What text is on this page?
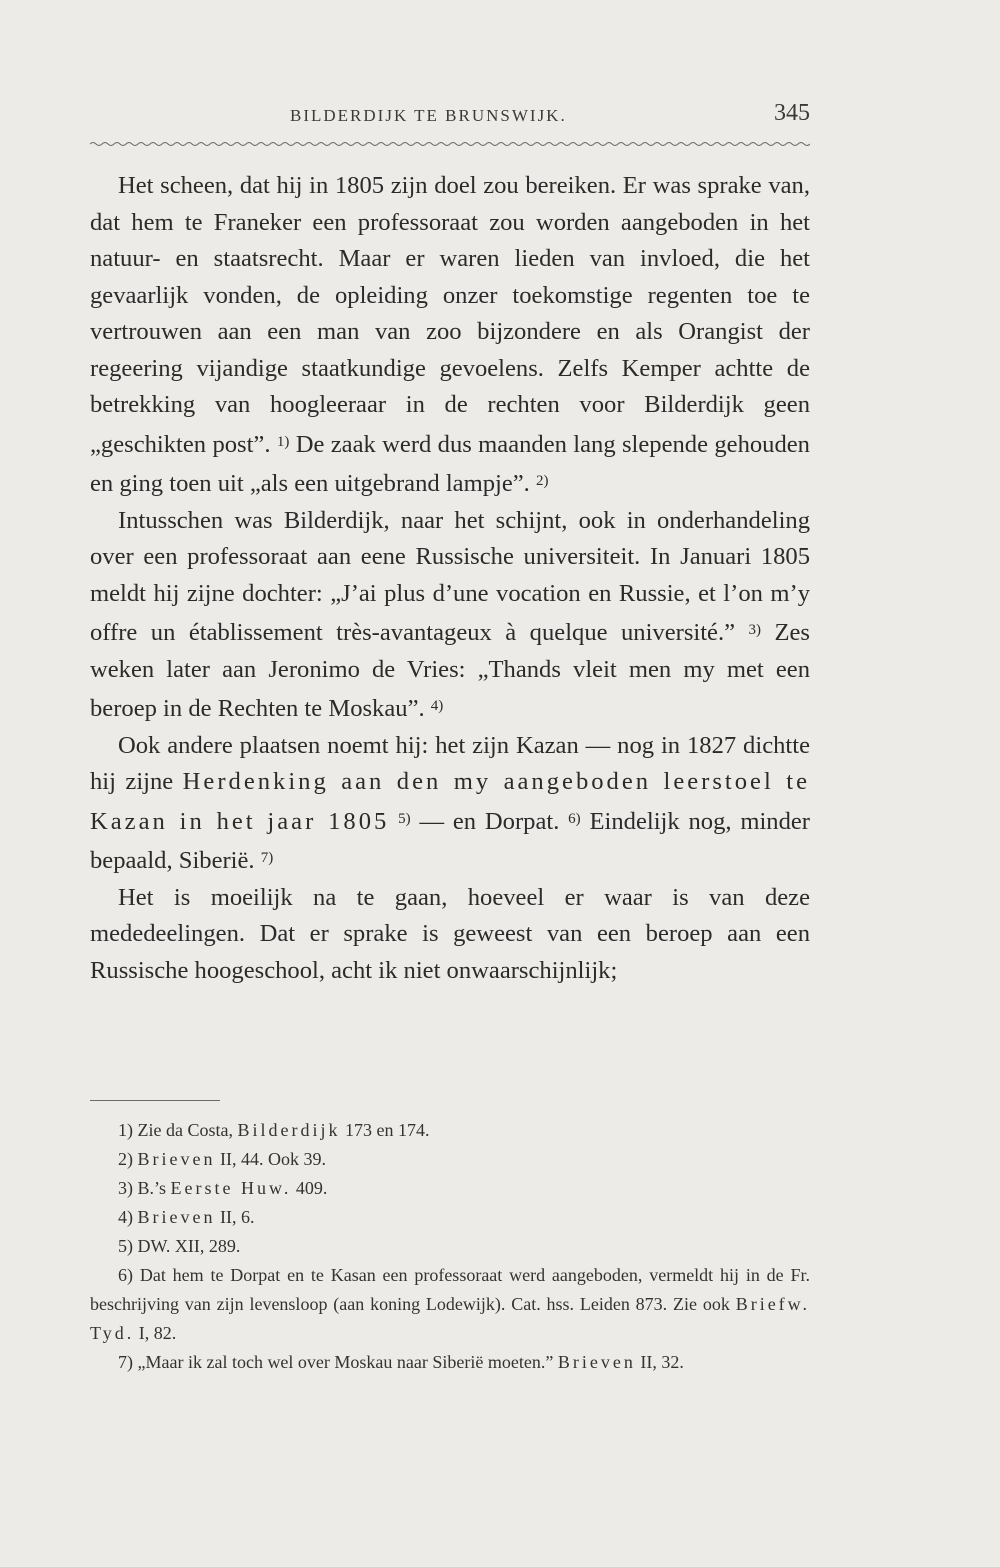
BILDERDIJK TE BRUNSWIJK.	345

Het scheen, dat hij in 1805 zijn doel zou bereiken. Er was sprake van, dat hem te Franeker een professoraat zou worden aangeboden in het natuur- en staatsrecht. Maar er waren lieden van invloed, die het gevaarlijk vonden, de opleiding onzer toekomstige regenten toe te vertrouwen aan een man van zoo bijzondere en als Orangist der regeering vijandige staatkundige gevoelens. Zelfs Kemper achtte de betrekking van hoogleeraar in de rechten voor Bilderdijk geen „geschikten post”. $^{1)}$ De zaak werd dus maanden lang slepende gehouden en ging toen uit „als een uitgebrand lampje”. $^{2)}$

Intusschen was Bilderdijk, naar het schijnt, ook in onderhandeling over een professoraat aan eene Russische universiteit. In Januari 1805 meldt hij zijne dochter: „J’ai plus d’une vocation en Russie, et l’on m’y offre un établissement très-avantageux à quelque université.” $^{3)}$ Zes weken later aan Jeronimo de Vries: „Thands vleit men my met een beroep in de Rechten te Moskau”. $^{4)}$

Ook andere plaatsen noemt hij: het zijn Kazan — nog in 1827 dichtte hij zijne Herdenking aan den my aangeboden leerstoel te Kazan in het jaar 1805 $^{5)}$ — en Dorpat. $^{6)}$ Eindelijk nog, minder bepaald, Siberië. $^{7)}$

Het is moeilijk na te gaan, hoeveel er waar is van deze mededeelingen. Dat er sprake is geweest van een beroep aan een Russische hoogeschool, acht ik niet onwaarschijnlijk;

1) Zie da Costa, Bilderdijk 173 en 174.

2) Brieven II, 44. Ook 39.

3) B.’s Eerste Huw. 409.

4) Brieven II, 6.

5) DW. XII, 289.

6) Dat hem te Dorpat en te Kasan een professoraat werd aangeboden, vermeldt hij in de Fr. beschrijving van zijn levensloop (aan koning Lodewijk). Cat. hss. Leiden 873. Zie ook Briefw. Tyd. I, 82.

7) „Maar ik zal toch wel over Moskau naar Siberië moeten.” Brieven II, 32.
